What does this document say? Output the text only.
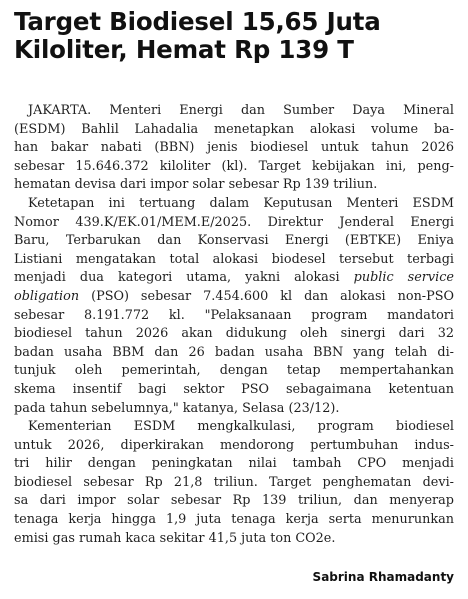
Target Biodiesel 15,65 Juta
Kiloliter, Hemat Rp 139 T

JAKARTA. Menteri Energi dan Sumber Daya Mineral
(ESDM) Bahlil Lahadalia menetapkan alokasi volume ba-
han bakar nabati (BBN) jenis biodiesel untuk tahun 2026
sebesar 15.646.372 kiloliter (kl). Target kebijakan ini, peng-
hematan devisa dari impor solar sebesar Rp 139 triliun.

Ketetapan ini tertuang dalam Keputusan Menteri ESDM
Nomor 439.K/EK.01/MEM.E/2025. Direktur Jenderal Energi
Baru, Terbarukan dan Konservasi Energi (EBTKE) Eniya
Listiani mengatakan total alokasi biodesel tersebut terbagi
menjadi dua kategori utama, yakni alokasi public service
obligation (PSO) sebesar 7.454.600 kl dan alokasi non-PSO
sebesar 8.191.772 kl. "Pelaksanaan program mandatori
biodiesel tahun 2026 akan didukung oleh sinergi dari 32
badan usaha BBM dan 26 badan usaha BBN yang telah di-
tunjuk oleh pemerintah, dengan tetap mempertahankan
skema insentif bagi sektor PSO sebagaimana ketentuan
pada tahun sebelumnya," katanya, Selasa (23/12).

Kementerian ESDM mengkalkulasi, program biodiesel
untuk 2026, diperkirakan mendorong pertumbuhan indus-
tri hilir dengan peningkatan nilai tambah CPO menjadi
biodiesel sebesar Rp 21,8 triliun. Target penghematan devi-
sa dari impor solar sebesar Rp 139 triliun, dan menyerap
tenaga kerja hingga 1,9 juta tenaga kerja serta menurunkan
emisi gas rumah kaca sekitar 41,5 juta ton CO2e.

Sabrina Rhamadanty
